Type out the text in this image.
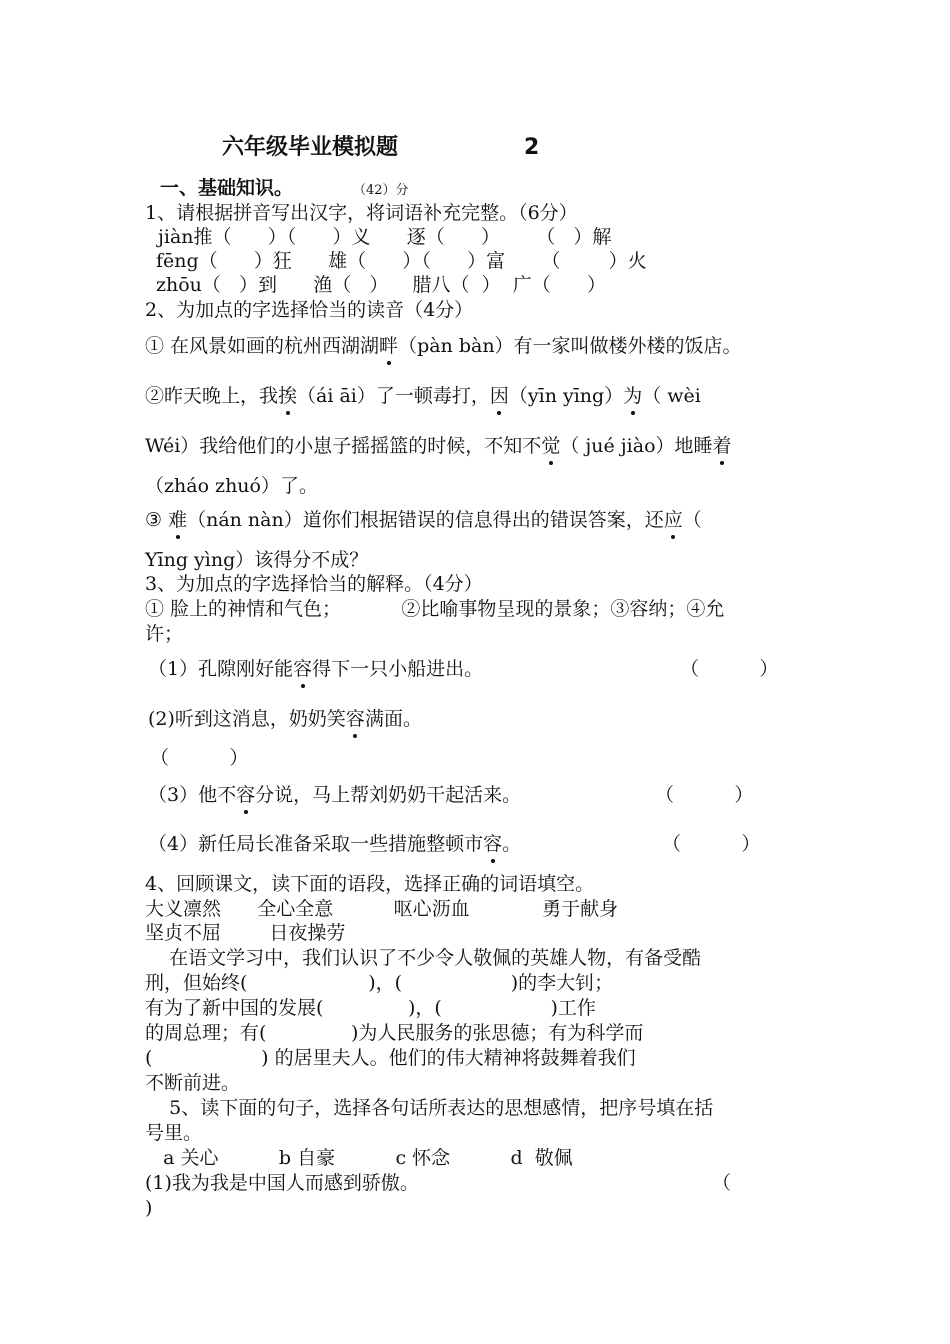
六年级毕业模拟题	2
一、基础知识。	（42）分
1、请根据拼音写出汉字，将词语补充完整。（6分）
jiàn推（      ）（      ）义      逐（      ）      （   ）解
fēng（      ）狂      雄（      ）（      ）富      （        ）火
zhōu（   ）到      渔（   ）    腊八（  ）  广（      ）
2、为加点的字选择恰当的读音（4分）
① 在风景如画的杭州西湖湖畔（pàn bàn）有一家叫做楼外楼的饭店。
②昨天晚上，我挨（ái āi）了一顿毒打，因（yīn yīng）为（ wèi
Wéi）我给他们的小崽子摇摇篮的时候，不知不觉（ jué jiào）地睡着
（zháo zhuó）了。
③ 难（nán nàn）道你们根据错误的信息得出的错误答案，还应（
Yīng yìng）该得分不成？
3、为加点的字选择恰当的解释。（4分）
① 脸上的神情和气色；          ②比喻事物呈现的景象；③容纳；④允
许；
（1）孔隙刚好能容得下一只小船进出。	（          ）
(2)听到这消息，奶奶笑容满面。
（          ）
（3）他不容分说，马上帮刘奶奶干起活来。	（          ）
（4）新任局长准备采取一些措施整顿市容。	（          ）
4、回顾课文，读下面的语段，选择正确的词语填空。
大义凛然      全心全意          呕心沥血            勇于献身
坚贞不屈        日夜操劳
在语文学习中，我们认识了不少令人敬佩的英雄人物，有备受酷
刑，但始终(                    )，(                  )的李大钊；
有为了新中国的发展(              )，(                  )工作
的周总理；有(              )为人民服务的张思德；有为科学而
(                  ) 的居里夫人。他们的伟大精神将鼓舞着我们
不断前进。
5、读下面的句子，选择各句话所表达的思想感情，把序号填在括
号里。
a 关心          b 自豪          c 怀念          d  敬佩
(1)我为我是中国人而感到骄傲。	（
)
